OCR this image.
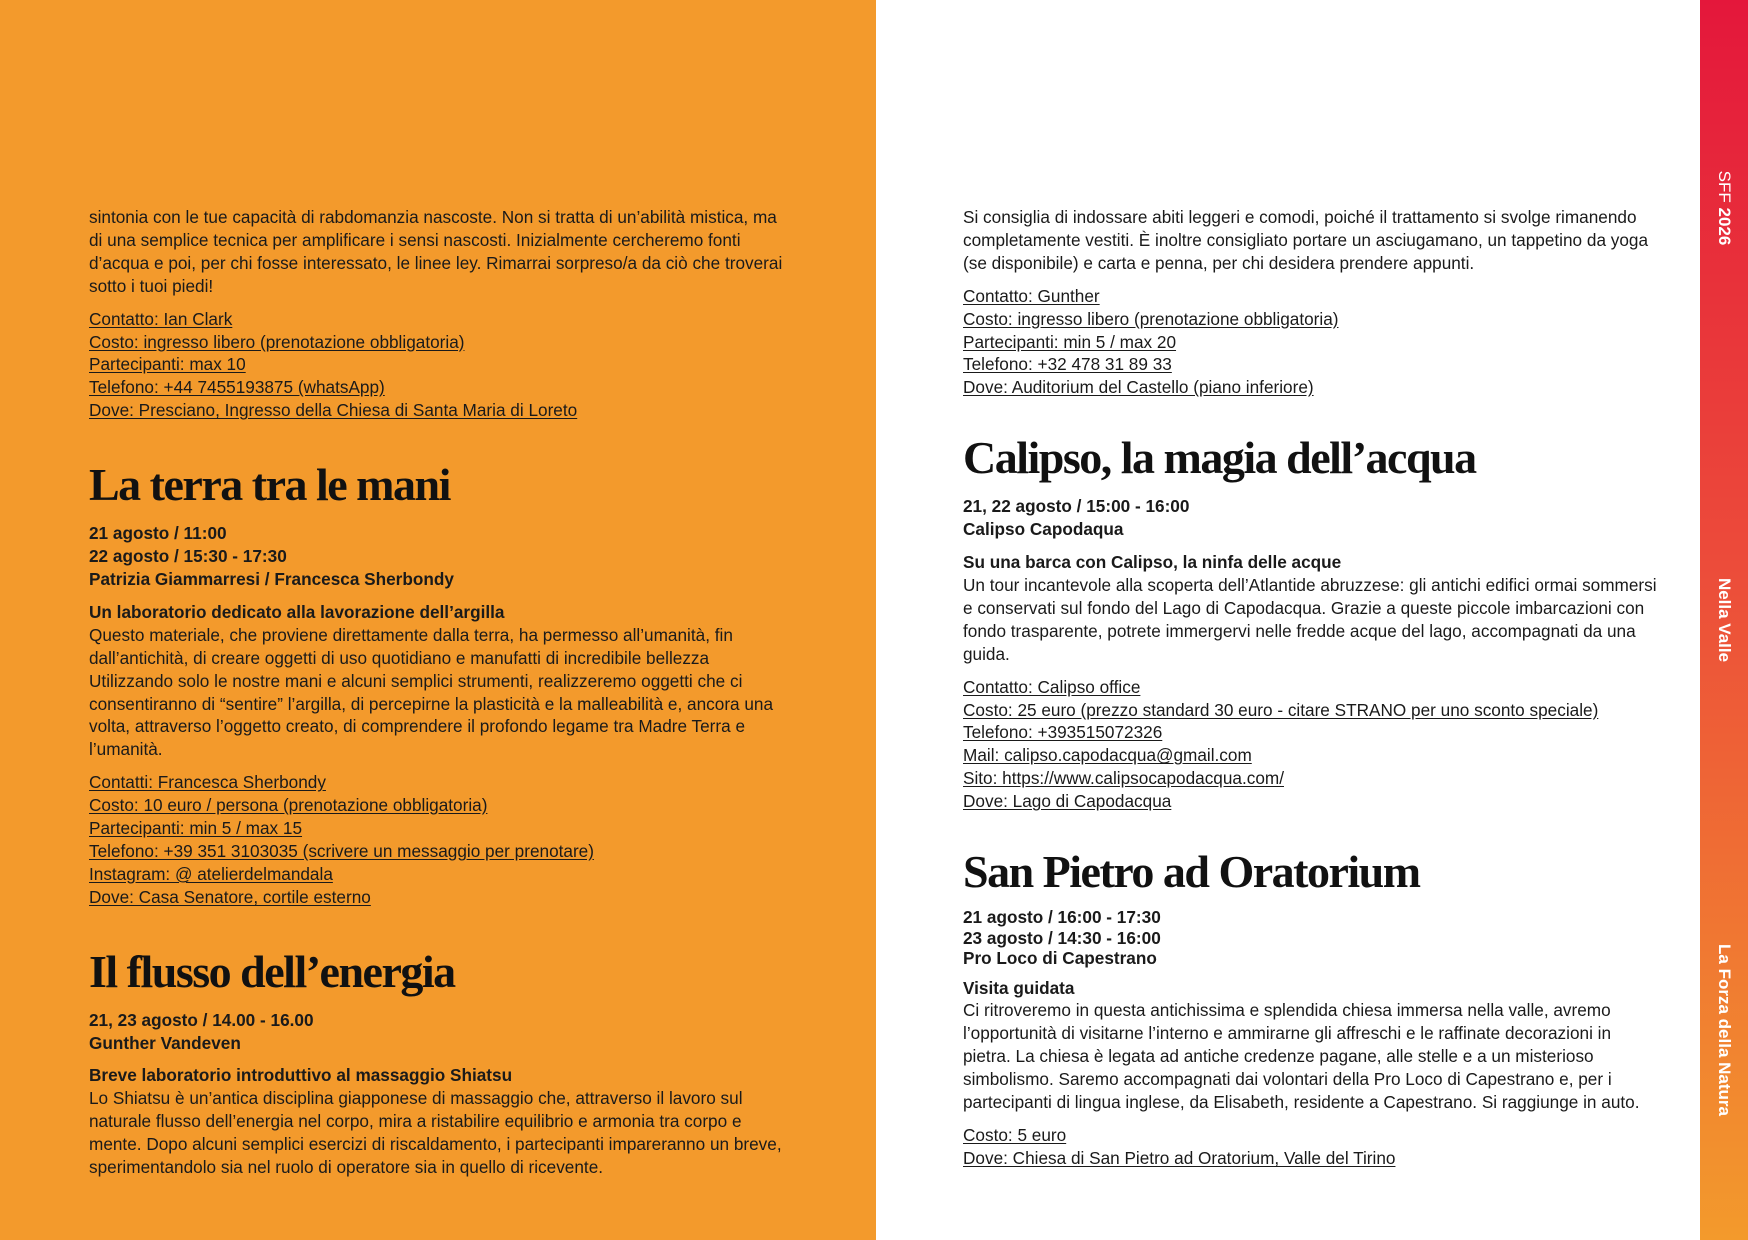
SFF 2026
Nella Valle
La Forza della Natura

sintonia con le tue capacità di rabdomanzia nascoste. Non si tratta di un’abilità mistica, ma di una semplice tecnica per amplificare i sensi nascosti. Inizialmente cercheremo fonti d’acqua e poi, per chi fosse interessato, le linee ley. Rimarrai sorpreso/a da ciò che troverai sotto i tuoi piedi!

Contatto: Ian Clark
Costo: ingresso libero (prenotazione obbligatoria)
Partecipanti: max 10
Telefono: +44 7455193875 (whatsApp)
Dove: Presciano, Ingresso della Chiesa di Santa Maria di Loreto
La terra tra le mani
21 agosto / 11:00
22 agosto / 15:30 - 17:30
Patrizia Giammarresi / Francesca Sherbondy
Un laboratorio dedicato alla lavorazione dell’argilla

Questo materiale, che proviene direttamente dalla terra, ha permesso all’umanità, fin dall’antichità, di creare oggetti di uso quotidiano e manufatti di incredibile bellezza Utilizzando solo le nostre mani e alcuni semplici strumenti, realizzeremo oggetti che ci consentiranno di “sentire” l’argilla, di percepirne la plasticità e la malleabilità e, ancora una volta, attraverso l’oggetto creato, di comprendere il profondo legame tra Madre Terra e l’umanità.

Contatti: Francesca Sherbondy
Costo: 10 euro / persona (prenotazione obbligatoria)
Partecipanti: min 5 / max 15
Telefono: +39 351 3103035 (scrivere un messaggio per prenotare)
Instagram: @ atelierdelmandala
Dove: Casa Senatore, cortile esterno
Il flusso dell’energia
21, 23 agosto / 14.00 - 16.00
Gunther Vandeven
Breve laboratorio introduttivo al massaggio Shiatsu

Lo Shiatsu è un’antica disciplina giapponese di massaggio che, attraverso il lavoro sul naturale flusso dell’energia nel corpo, mira a ristabilire equilibrio e armonia tra corpo e mente. Dopo alcuni semplici esercizi di riscaldamento, i partecipanti impareranno un breve, sperimentandolo sia nel ruolo di operatore sia in quello di ricevente.

Si consiglia di indossare abiti leggeri e comodi, poiché il trattamento si svolge rimanendo completamente vestiti. È inoltre consigliato portare un asciugamano, un tappetino da yoga (se disponibile) e carta e penna, per chi desidera prendere appunti.

Contatto: Gunther
Costo: ingresso libero (prenotazione obbligatoria)
Partecipanti: min 5 / max 20
Telefono: +32 478 31 89 33
Dove: Auditorium del Castello (piano inferiore)
Calipso, la magia dell’acqua
21, 22 agosto / 15:00 - 16:00
Calipso Capodaqua
Su una barca con Calipso, la ninfa delle acque

Un tour incantevole alla scoperta dell’Atlantide abruzzese: gli antichi edifici ormai sommersi e conservati sul fondo del Lago di Capodacqua. Grazie a queste piccole imbarcazioni con fondo trasparente, potrete immergervi nelle fredde acque del lago, accompagnati da una guida.

Contatto: Calipso office
Costo: 25 euro (prezzo standard 30 euro - citare STRANO per uno sconto speciale)
Telefono: +393515072326
Mail: calipso.capodacqua@gmail.com
Sito: https://www.calipsocapodacqua.com/
Dove: Lago di Capodacqua
San Pietro ad Oratorium
21 agosto / 16:00 - 17:30
23 agosto / 14:30 - 16:00
Pro Loco di Capestrano
Visita guidata

Ci ritroveremo in questa antichissima e splendida chiesa immersa nella valle, avremo l’opportunità di visitarne l’interno e ammirarne gli affreschi e le raffinate decorazioni in pietra. La chiesa è legata ad antiche credenze pagane, alle stelle e a un misterioso simbolismo. Saremo accompagnati dai volontari della Pro Loco di Capestrano e, per i partecipanti di lingua inglese, da Elisabeth, residente a Capestrano. Si raggiunge in auto.

Costo: 5 euro
Dove: Chiesa di San Pietro ad Oratorium, Valle del Tirino
